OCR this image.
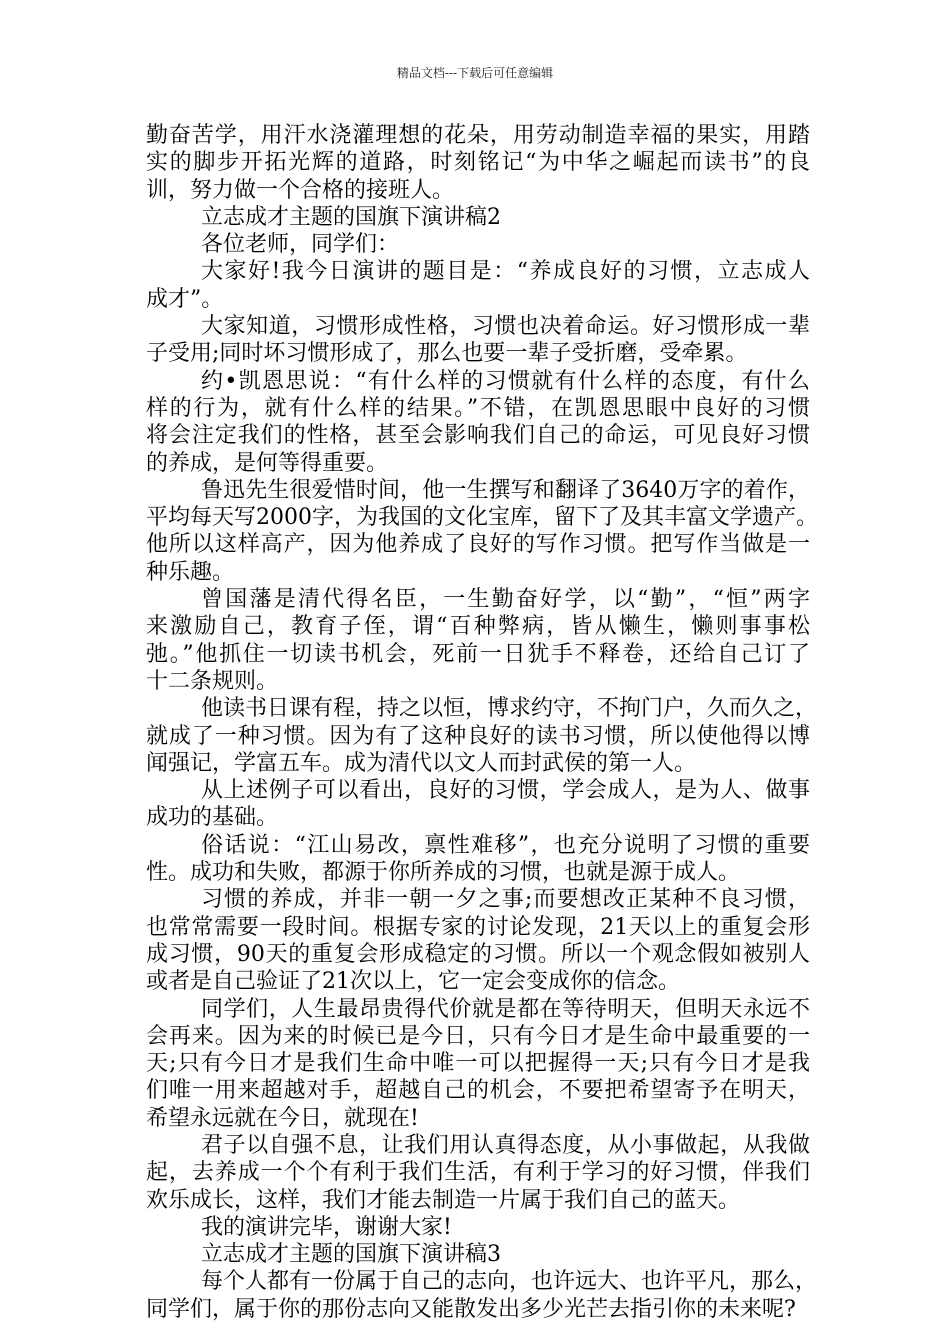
精品文档---下载后可任意编辑
勤奋苦学，用汗水浇灌理想的花朵，用劳动制造幸福的果实，用踏
实的脚步开拓光辉的道路，时刻铭记“为中华之崛起而读书”的良
训，努力做一个合格的接班人。
立志成才主题的国旗下演讲稿2
各位老师，同学们：
大家好!我今日演讲的题目是：“养成良好的习惯，立志成人
成才”。
大家知道，习惯形成性格，习惯也决着命运。好习惯形成一辈
子受用;同时坏习惯形成了，那么也要一辈子受折磨，受牵累。
约•凯恩思说：“有什么样的习惯就有什么样的态度，有什么
样的行为，就有什么样的结果。”不错，在凯恩思眼中良好的习惯
将会注定我们的性格，甚至会影响我们自己的命运，可见良好习惯
的养成，是何等得重要。
鲁迅先生很爱惜时间，他一生撰写和翻译了3640万字的着作，
平均每天写2000字，为我国的文化宝库，留下了及其丰富文学遗产。
他所以这样高产，因为他养成了良好的写作习惯。把写作当做是一
种乐趣。
曾国藩是清代得名臣，一生勤奋好学，以“勤”，“恒”两字
来激励自己，教育子侄，谓“百种弊病，皆从懒生，懒则事事松
弛。”他抓住一切读书机会，死前一日犹手不释卷，还给自己订了
十二条规则。
他读书日课有程，持之以恒，博求约守，不拘门户，久而久之，
就成了一种习惯。因为有了这种良好的读书习惯，所以使他得以博
闻强记，学富五车。成为清代以文人而封武侯的第一人。
从上述例子可以看出，良好的习惯，学会成人，是为人、做事
成功的基础。
俗话说：“江山易改，禀性难移”，也充分说明了习惯的重要
性。成功和失败，都源于你所养成的习惯，也就是源于成人。
习惯的养成，并非一朝一夕之事;而要想改正某种不良习惯，
也常常需要一段时间。根据专家的讨论发现，21天以上的重复会形
成习惯，90天的重复会形成稳定的习惯。所以一个观念假如被别人
或者是自己验证了21次以上，它一定会变成你的信念。
同学们，人生最昂贵得代价就是都在等待明天，但明天永远不
会再来。因为来的时候已是今日，只有今日才是生命中最重要的一
天;只有今日才是我们生命中唯一可以把握得一天;只有今日才是我
们唯一用来超越对手，超越自己的机会，不要把希望寄予在明天，
希望永远就在今日，就现在!
君子以自强不息，让我们用认真得态度，从小事做起，从我做
起，去养成一个个有利于我们生活，有利于学习的好习惯，伴我们
欢乐成长，这样，我们才能去制造一片属于我们自己的蓝天。
我的演讲完毕，谢谢大家!
立志成才主题的国旗下演讲稿3
每个人都有一份属于自己的志向，也许远大、也许平凡，那么，
同学们，属于你的那份志向又能散发出多少光芒去指引你的未来呢?
